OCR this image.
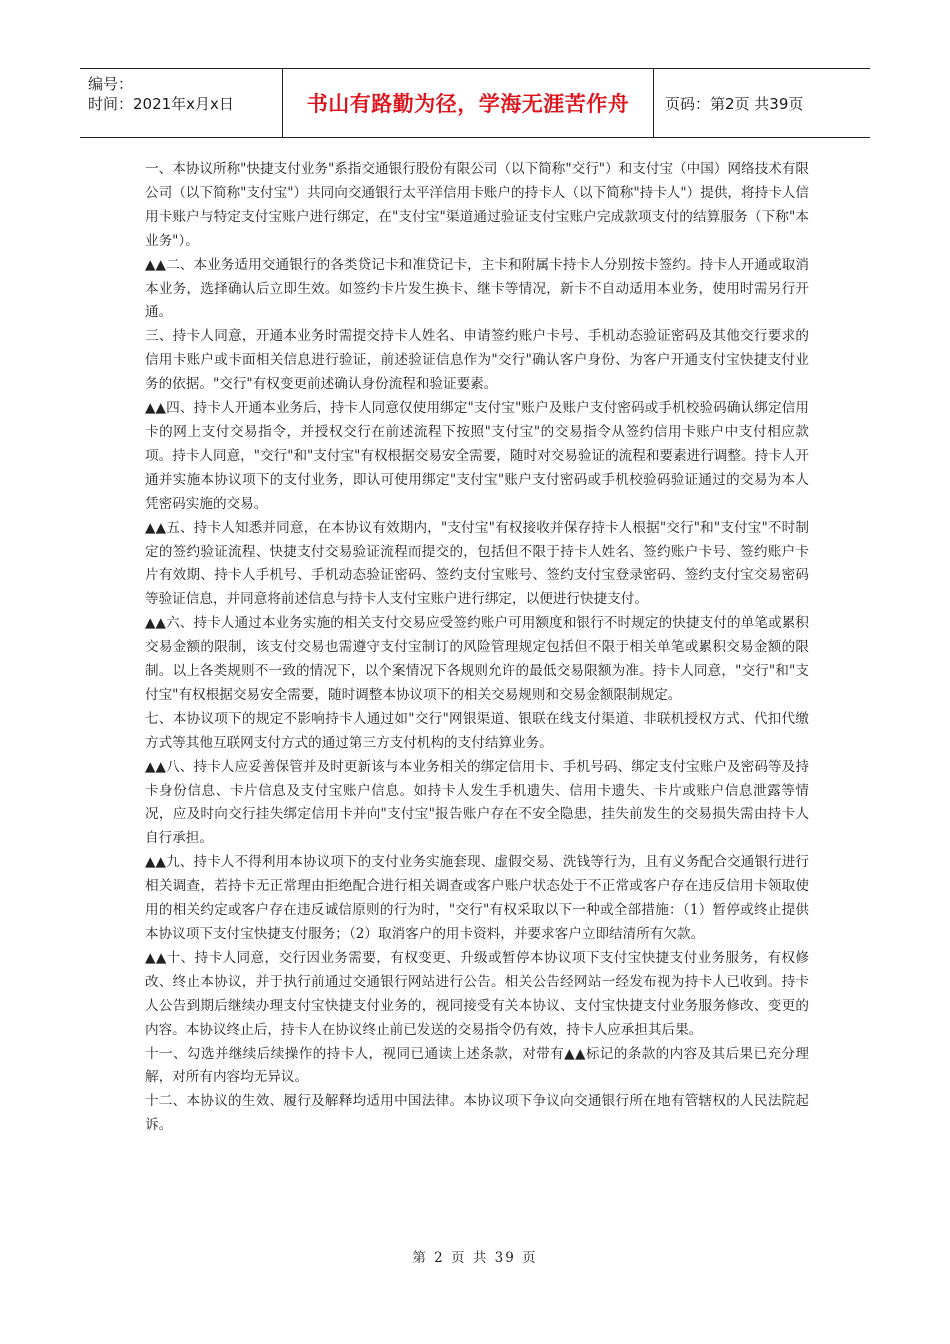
编号：
时间：2021年x月x日	书山有路勤为径，学海无涯苦作舟	页码：第2页 共39页

一、本协议所称"快捷支付业务"系指交通银行股份有限公司（以下简称"交行"）和支付宝（中国）网络技术有限公司（以下简称"支付宝"）共同向交通银行太平洋信用卡账户的持卡人（以下简称"持卡人"）提供，将持卡人信用卡账户与特定支付宝账户进行绑定，在"支付宝"渠道通过验证支付宝账户完成款项支付的结算服务（下称"本业务"）。

▲▲二、本业务适用交通银行的各类贷记卡和准贷记卡，主卡和附属卡持卡人分别按卡签约。持卡人开通或取消本业务，选择确认后立即生效。如签约卡片发生换卡、继卡等情况，新卡不自动适用本业务，使用时需另行开通。

三、持卡人同意，开通本业务时需提交持卡人姓名、申请签约账户卡号、手机动态验证密码及其他交行要求的信用卡账户或卡面相关信息进行验证，前述验证信息作为"交行"确认客户身份、为客户开通支付宝快捷支付业务的依据。"交行"有权变更前述确认身份流程和验证要素。

▲▲四、持卡人开通本业务后，持卡人同意仅使用绑定"支付宝"账户及账户支付密码或手机校验码确认绑定信用卡的网上支付交易指令，并授权交行在前述流程下按照"支付宝"的交易指令从签约信用卡账户中支付相应款项。持卡人同意，"交行"和"支付宝"有权根据交易安全需要，随时对交易验证的流程和要素进行调整。持卡人开通并实施本协议项下的支付业务，即认可使用绑定"支付宝"账户支付密码或手机校验码验证通过的交易为本人凭密码实施的交易。

▲▲五、持卡人知悉并同意，在本协议有效期内，"支付宝"有权接收并保存持卡人根据"交行"和"支付宝"不时制定的签约验证流程、快捷支付交易验证流程而提交的，包括但不限于持卡人姓名、签约账户卡号、签约账户卡片有效期、持卡人手机号、手机动态验证密码、签约支付宝账号、签约支付宝登录密码、签约支付宝交易密码等验证信息，并同意将前述信息与持卡人支付宝账户进行绑定，以便进行快捷支付。

▲▲六、持卡人通过本业务实施的相关支付交易应受签约账户可用额度和银行不时规定的快捷支付的单笔或累积交易金额的限制，该支付交易也需遵守支付宝制订的风险管理规定包括但不限于相关单笔或累积交易金额的限制。以上各类规则不一致的情况下，以个案情况下各规则允许的最低交易限额为准。持卡人同意，"交行"和"支付宝"有权根据交易安全需要，随时调整本协议项下的相关交易规则和交易金额限制规定。

七、本协议项下的规定不影响持卡人通过如"交行"网银渠道、银联在线支付渠道、非联机授权方式、代扣代缴方式等其他互联网支付方式的通过第三方支付机构的支付结算业务。

▲▲八、持卡人应妥善保管并及时更新该与本业务相关的绑定信用卡、手机号码、绑定支付宝账户及密码等及持卡身份信息、卡片信息及支付宝账户信息。如持卡人发生手机遗失、信用卡遗失、卡片或账户信息泄露等情况，应及时向交行挂失绑定信用卡并向"支付宝"报告账户存在不安全隐患，挂失前发生的交易损失需由持卡人自行承担。

▲▲九、持卡人不得利用本协议项下的支付业务实施套现、虚假交易、洗钱等行为，且有义务配合交通银行进行相关调查，若持卡无正常理由拒绝配合进行相关调查或客户账户状态处于不正常或客户存在违反信用卡领取使用的相关约定或客户存在违反诚信原则的行为时，"交行"有权采取以下一种或全部措施：（1）暂停或终止提供本协议项下支付宝快捷支付服务；（2）取消客户的用卡资料，并要求客户立即结清所有欠款。

▲▲十、持卡人同意，交行因业务需要，有权变更、升级或暂停本协议项下支付宝快捷支付业务服务，有权修改、终止本协议，并于执行前通过交通银行网站进行公告。相关公告经网站一经发布视为持卡人已收到。持卡人公告到期后继续办理支付宝快捷支付业务的，视同接受有关本协议、支付宝快捷支付业务服务修改、变更的内容。本协议终止后，持卡人在协议终止前已发送的交易指令仍有效，持卡人应承担其后果。

十一、勾选并继续后续操作的持卡人，视同已通读上述条款，对带有▲▲标记的条款的内容及其后果已充分理解，对所有内容均无异议。

十二、本协议的生效、履行及解释均适用中国法律。本协议项下争议向交通银行所在地有管辖权的人民法院起诉。

第 2 页 共 39 页
